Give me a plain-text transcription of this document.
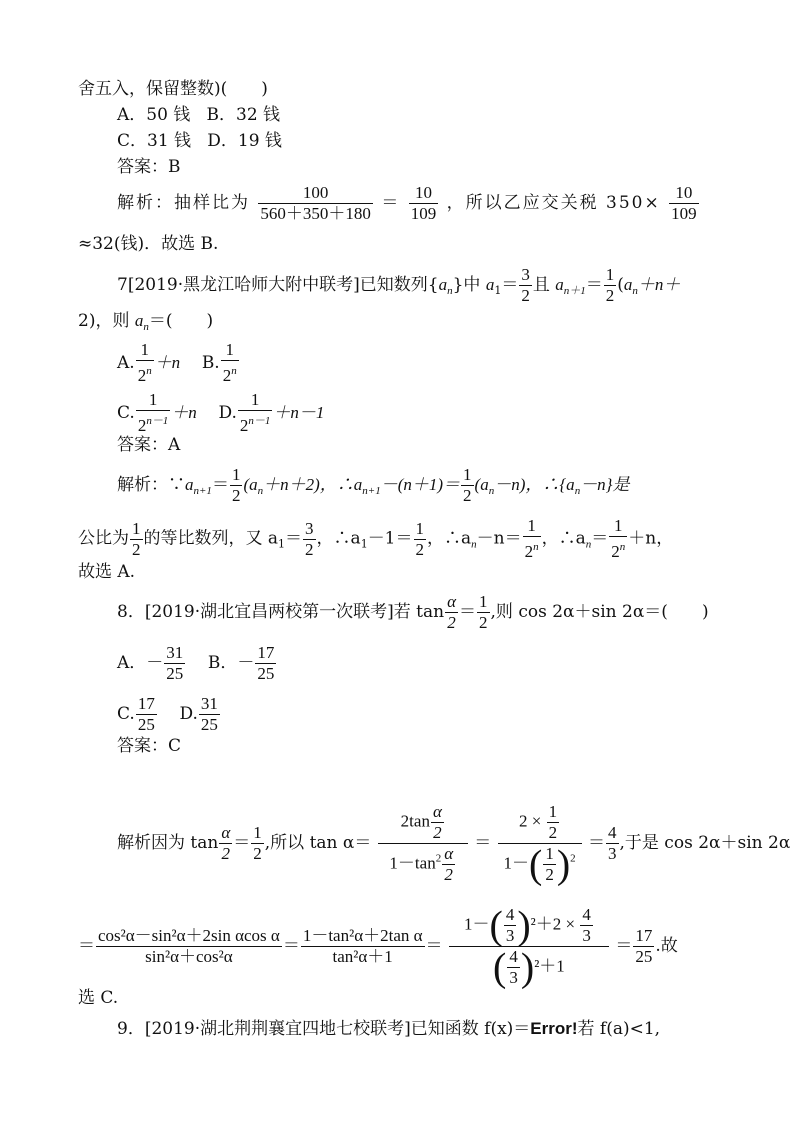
舍五入，保留整数)(　　)
A．50 钱 B．32 钱
C．31 钱 D．19 钱
答案：B
解析：抽样比为 $\frac{100}{560+350+180} = \frac{10}{109}$ ，所以乙应交关税 $350\times \frac{10}{109}$
≈32(钱)．故选 B.
7[2019·黑龙江哈师大附中联考]已知数列$\{a_n\}$中 $a_1= \frac{3}{2}$ 且 $a_{n+1}= \frac{1}{2} (a_n+n+$
2)，则 $a_n=$(　　)
A. $\frac{1}{2^n} +n$ B. $\frac{1}{2^n}$
C. $\frac{1}{2^{n-1}} +n$ D. $\frac{1}{2^{n-1}} +n-1$
答案：A
解析：$\because a_{n+1}= \frac{1}{2} (a_n+n+2)$，$\therefore a_{n+1}-(n+1)= \frac{1}{2} (a_n-n)$，$\therefore\{a_n-n\}$是
公比为 $\frac{1}{2}$ 的等比数列，又 $a_1= \frac{3}{2}$ ，$\therefore a_1-1= \frac{1}{2}$ ，$\therefore a_n-n= \frac{1}{2^n}$ ，$\therefore a_n= \frac{1}{2^n} +n$，
故选 A.
8．[2019·湖北宜昌两校第一次联考]若 $\tan \frac{\alpha}{2} = \frac{1}{2}$ ,则 cos 2α＋sin 2α＝(　　)
A．－ $\frac{31}{25}$ B．－ $\frac{17}{25}$
C. $\frac{17}{25} D$. $\frac{31}{25}$
答案：C
解析因为 $\tan \frac{\alpha}{2} = \frac{1}{2}$ ,所以 $\tan \alpha= \frac{2\tan \frac{\alpha}{2}}{1-\tan^2 \frac{\alpha}{2}} = \frac{2 \times \frac{1}{2}}{1-( \frac{1}{2} )^2} = \frac{4}{3}$ ,于是 cos 2α＋sin 2α
＝ $\frac{\text{cos²α－sin²α＋2sin αcos α}}{\text{sin²α＋cos²α}} = \frac{\text{1－tan²α＋2tan α}}{\text{tan²α＋1}} = \frac{1-( \frac{4}{3} )^2+2 \times \frac{4}{3}}{( \frac{4}{3} )^2+1} = \frac{17}{25}$ .故
选 C.
9．[2019·湖北荆荆襄宜四地七校联考]已知函数 f(x)＝Error!若 f(a)<1,
